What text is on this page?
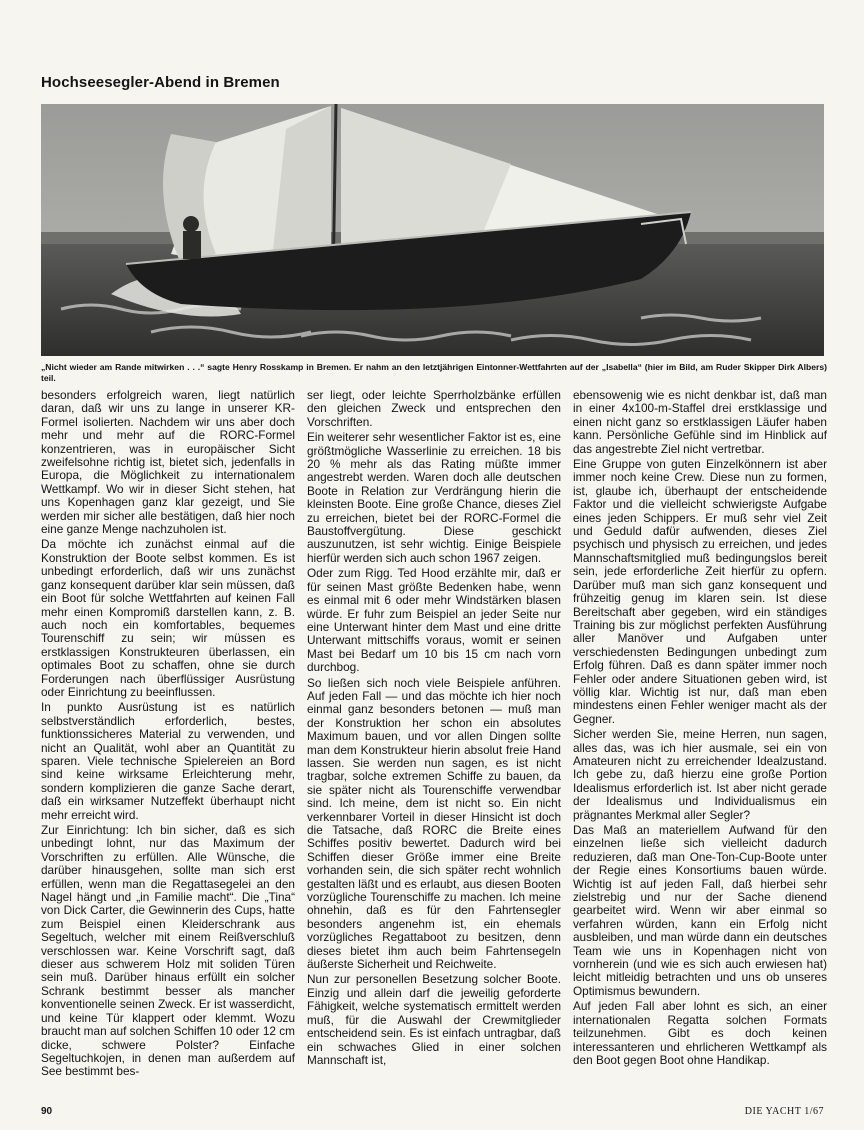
Hochseesegler-Abend in Bremen

„Nicht wieder am Rande mitwirken . . .“ sagte Henry Rosskamp in Bremen. Er nahm an den letztjährigen Eintonner-Wettfahrten auf der „Isabella“ (hier im Bild, am Ruder Skipper Dirk Albers) teil.

besonders erfolgreich waren, liegt natürlich daran, daß wir uns zu lange in unserer KR-Formel isolierten. Nachdem wir uns aber doch mehr und mehr auf die RORC-Formel konzentrieren, was in europäischer Sicht zweifelsohne richtig ist, bietet sich, jedenfalls in Europa, die Möglichkeit zu internationalem Wettkampf. Wo wir in dieser Sicht stehen, hat uns Kopenhagen ganz klar gezeigt, und Sie werden mir sicher alle bestätigen, daß hier noch eine ganze Menge nachzuholen ist.

Da möchte ich zunächst einmal auf die Konstruktion der Boote selbst kommen. Es ist unbedingt erforderlich, daß wir uns zunächst ganz konsequent darüber klar sein müssen, daß ein Boot für solche Wettfahrten auf keinen Fall mehr einen Kompromiß darstellen kann, z. B. auch noch ein komfortables, bequemes Tourenschiff zu sein; wir müssen es erstklassigen Konstrukteuren überlassen, ein optimales Boot zu schaffen, ohne sie durch Forderungen nach überflüssiger Ausrüstung oder Einrichtung zu beeinflussen.

In punkto Ausrüstung ist es natürlich selbstverständlich erforderlich, bestes, funktionssicheres Material zu verwenden, und nicht an Qualität, wohl aber an Quantität zu sparen. Viele technische Spielereien an Bord sind keine wirksame Erleichterung mehr, sondern komplizieren die ganze Sache derart, daß ein wirksamer Nutzeffekt überhaupt nicht mehr erreicht wird.

Zur Einrichtung: Ich bin sicher, daß es sich unbedingt lohnt, nur das Maximum der Vorschriften zu erfüllen. Alle Wünsche, die darüber hinausgehen, sollte man sich erst erfüllen, wenn man die Regattasegelei an den Nagel hängt und „in Familie macht“. Die „Tina“ von Dick Carter, die Gewinnerin des Cups, hatte zum Beispiel einen Kleiderschrank aus Segeltuch, welcher mit einem Reißverschluß verschlossen war. Keine Vorschrift sagt, daß dieser aus schwerem Holz mit soliden Türen sein muß. Darüber hinaus erfüllt ein solcher Schrank bestimmt besser als mancher konventionelle seinen Zweck. Er ist wasserdicht, und keine Tür klappert oder klemmt. Wozu braucht man auf solchen Schiffen 10 oder 12 cm dicke, schwere Polster? Einfache Segeltuchkojen, in denen man außerdem auf See bestimmt bes-

ser liegt, oder leichte Sperrholzbänke erfüllen den gleichen Zweck und entsprechen den Vorschriften.

Ein weiterer sehr wesentlicher Faktor ist es, eine größtmögliche Wasserlinie zu erreichen. 18 bis 20 % mehr als das Rating müßte immer angestrebt werden. Waren doch alle deutschen Boote in Relation zur Verdrängung hierin die kleinsten Boote. Eine große Chance, dieses Ziel zu erreichen, bietet bei der RORC-Formel die Baustoffvergütung. Diese geschickt auszunutzen, ist sehr wichtig. Einige Beispiele hierfür werden sich auch schon 1967 zeigen.

Oder zum Rigg. Ted Hood erzählte mir, daß er für seinen Mast größte Bedenken habe, wenn es einmal mit 6 oder mehr Windstärken blasen würde. Er fuhr zum Beispiel an jeder Seite nur eine Unterwant hinter dem Mast und eine dritte Unterwant mittschiffs voraus, womit er seinen Mast bei Bedarf um 10 bis 15 cm nach vorn durchbog.

So ließen sich noch viele Beispiele anführen. Auf jeden Fall — und das möchte ich hier noch einmal ganz besonders betonen — muß man der Konstruktion her schon ein absolutes Maximum bauen, und vor allen Dingen sollte man dem Konstrukteur hierin absolut freie Hand lassen. Sie werden nun sagen, es ist nicht tragbar, solche extremen Schiffe zu bauen, da sie später nicht als Tourenschiffe verwendbar sind. Ich meine, dem ist nicht so. Ein nicht verkennbarer Vorteil in dieser Hinsicht ist doch die Tatsache, daß RORC die Breite eines Schiffes positiv bewertet. Dadurch wird bei Schiffen dieser Größe immer eine Breite vorhanden sein, die sich später recht wohnlich gestalten läßt und es erlaubt, aus diesen Booten vorzügliche Tourenschiffe zu machen. Ich meine ohnehin, daß es für den Fahrtensegler besonders angenehm ist, ein ehemals vorzügliches Regattaboot zu besitzen, denn dieses bietet ihm auch beim Fahrtensegeln äußerste Sicherheit und Reichweite.

Nun zur personellen Besetzung solcher Boote. Einzig und allein darf die jeweilig geforderte Fähigkeit, welche systematisch ermittelt werden muß, für die Auswahl der Crewmitglieder entscheidend sein. Es ist einfach untragbar, daß ein schwaches Glied in einer solchen Mannschaft ist,

ebensowenig wie es nicht denkbar ist, daß man in einer 4x100-m-Staffel drei erstklassige und einen nicht ganz so erstklassigen Läufer haben kann. Persönliche Gefühle sind im Hinblick auf das angestrebte Ziel nicht vertretbar.

Eine Gruppe von guten Einzelkönnern ist aber immer noch keine Crew. Diese nun zu formen, ist, glaube ich, überhaupt der entscheidende Faktor und die vielleicht schwierigste Aufgabe eines jeden Schippers. Er muß sehr viel Zeit und Geduld dafür aufwenden, dieses Ziel psychisch und physisch zu erreichen, und jedes Mannschaftsmitglied muß bedingungslos bereit sein, jede erforderliche Zeit hierfür zu opfern. Darüber muß man sich ganz konsequent und frühzeitig genug im klaren sein. Ist diese Bereitschaft aber gegeben, wird ein ständiges Training bis zur möglichst perfekten Ausführung aller Manöver und Aufgaben unter verschiedensten Bedingungen unbedingt zum Erfolg führen. Daß es dann später immer noch Fehler oder andere Situationen geben wird, ist völlig klar. Wichtig ist nur, daß man eben mindestens einen Fehler weniger macht als der Gegner.

Sicher werden Sie, meine Herren, nun sagen, alles das, was ich hier ausmale, sei ein von Amateuren nicht zu erreichender Idealzustand. Ich gebe zu, daß hierzu eine große Portion Idealismus erforderlich ist. Ist aber nicht gerade der Idealismus und Individualismus ein prägnantes Merkmal aller Segler?

Das Maß an materiellem Aufwand für den einzelnen ließe sich vielleicht dadurch reduzieren, daß man One-Ton-Cup-Boote unter der Regie eines Konsortiums bauen würde. Wichtig ist auf jeden Fall, daß hierbei sehr zielstrebig und nur der Sache dienend gearbeitet wird. Wenn wir aber einmal so verfahren würden, kann ein Erfolg nicht ausbleiben, und man würde dann ein deutsches Team wie uns in Kopenhagen nicht von vornherein (und wie es sich auch erwiesen hat) leicht mitleidig betrachten und uns ob unseres Optimismus bewundern.

Auf jeden Fall aber lohnt es sich, an einer internationalen Regatta solchen Formats teilzunehmen. Gibt es doch keinen interessanteren und ehrlicheren Wettkampf als den Boot gegen Boot ohne Handikap.

90	DIE YACHT 1/67
